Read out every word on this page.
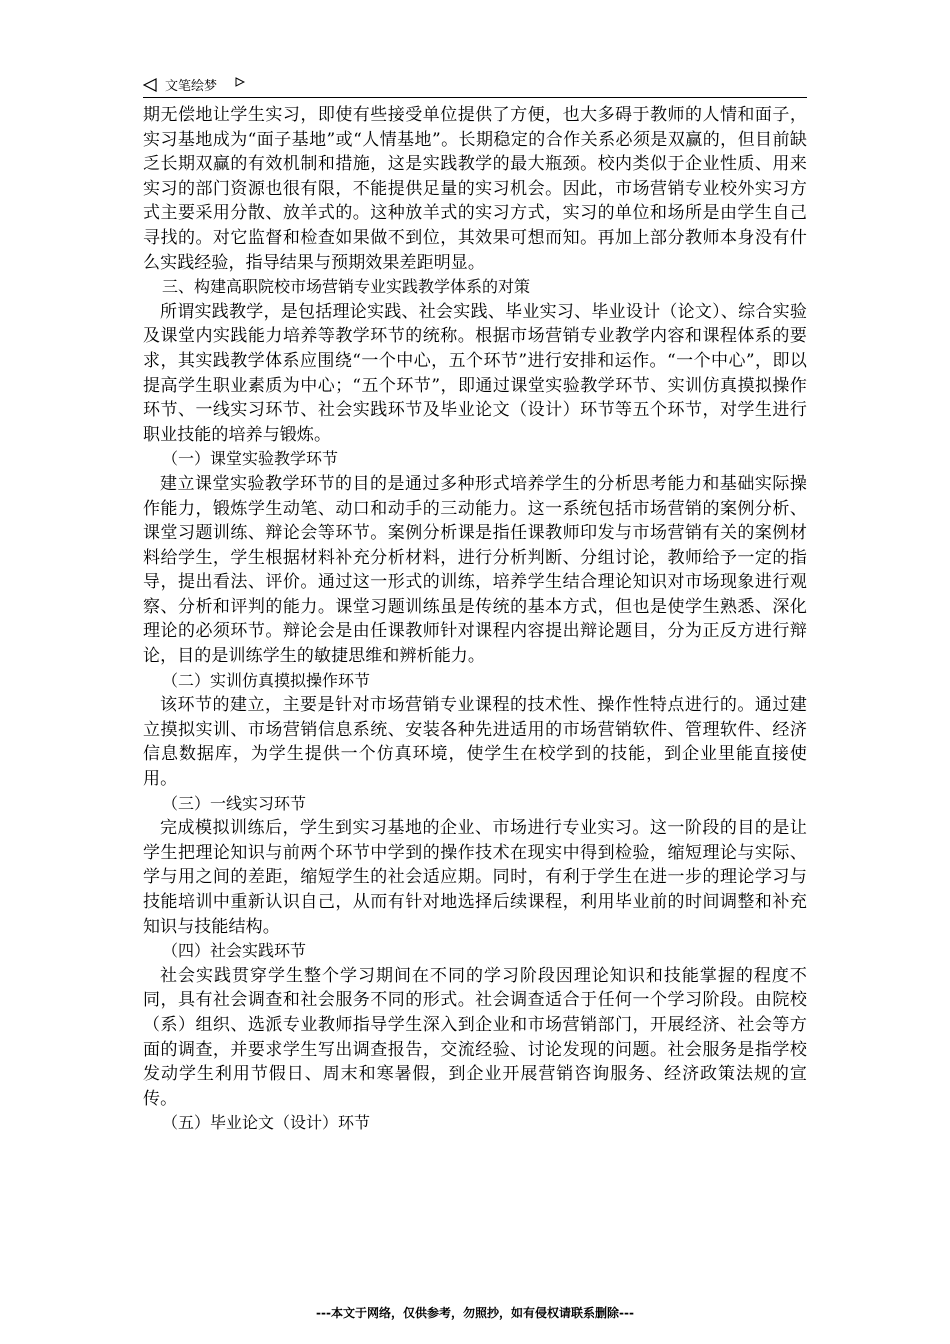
文笔绘梦

期无偿地让学生实习，即使有些接受单位提供了方便，也大多碍于教师的人情和面子，实习基地成为“面子基地”或“人情基地”。长期稳定的合作关系必须是双赢的，但目前缺乏长期双赢的有效机制和措施，这是实践教学的最大瓶颈。校内类似于企业性质、用来实习的部门资源也很有限，不能提供足量的实习机会。因此，市场营销专业校外实习方式主要采用分散、放羊式的。这种放羊式的实习方式，实习的单位和场所是由学生自己寻找的。对它监督和检查如果做不到位，其效果可想而知。再加上部分教师本身没有什么实践经验，指导结果与预期效果差距明显。

三、构建高职院校市场营销专业实践教学体系的对策

所谓实践教学，是包括理论实践、社会实践、毕业实习、毕业设计（论文）、综合实验及课堂内实践能力培养等教学环节的统称。根据市场营销专业教学内容和课程体系的要求，其实践教学体系应围绕“一个中心，五个环节”进行安排和运作。“一个中心”，即以提高学生职业素质为中心；“五个环节”，即通过课堂实验教学环节、实训仿真摸拟操作环节、一线实习环节、社会实践环节及毕业论文（设计）环节等五个环节，对学生进行职业技能的培养与锻炼。

（一）课堂实验教学环节

建立课堂实验教学环节的目的是通过多种形式培养学生的分析思考能力和基础实际操作能力，锻炼学生动笔、动口和动手的三动能力。这一系统包括市场营销的案例分析、课堂习题训练、辩论会等环节。案例分析课是指任课教师印发与市场营销有关的案例材料给学生，学生根据材料补充分析材料，进行分析判断、分组讨论，教师给予一定的指导，提出看法、评价。通过这一形式的训练，培养学生结合理论知识对市场现象进行观察、分析和评判的能力。课堂习题训练虽是传统的基本方式，但也是使学生熟悉、深化理论的必须环节。辩论会是由任课教师针对课程内容提出辩论题目，分为正反方进行辩论，目的是训练学生的敏捷思维和辨析能力。

（二）实训仿真摸拟操作环节

该环节的建立，主要是针对市场营销专业课程的技术性、操作性特点进行的。通过建立摸拟实训、市场营销信息系统、安装各种先进适用的市场营销软件、管理软件、经济信息数据库，为学生提供一个仿真环境，使学生在校学到的技能，到企业里能直接使用。

（三）一线实习环节

完成模拟训练后，学生到实习基地的企业、市场进行专业实习。这一阶段的目的是让学生把理论知识与前两个环节中学到的操作技术在现实中得到检验，缩短理论与实际、学与用之间的差距，缩短学生的社会适应期。同时，有利于学生在进一步的理论学习与技能培训中重新认识自己，从而有针对地选择后续课程，利用毕业前的时间调整和补充知识与技能结构。

（四）社会实践环节

社会实践贯穿学生整个学习期间在不同的学习阶段因理论知识和技能掌握的程度不同，具有社会调查和社会服务不同的形式。社会调查适合于任何一个学习阶段。由院校（系）组织、选派专业教师指导学生深入到企业和市场营销部门，开展经济、社会等方面的调查，并要求学生写出调查报告，交流经验、讨论发现的问题。社会服务是指学校发动学生利用节假日、周末和寒暑假，到企业开展营销咨询服务、经济政策法规的宣传。

（五）毕业论文（设计）环节

---本文于网络，仅供参考，勿照抄，如有侵权请联系删除---
